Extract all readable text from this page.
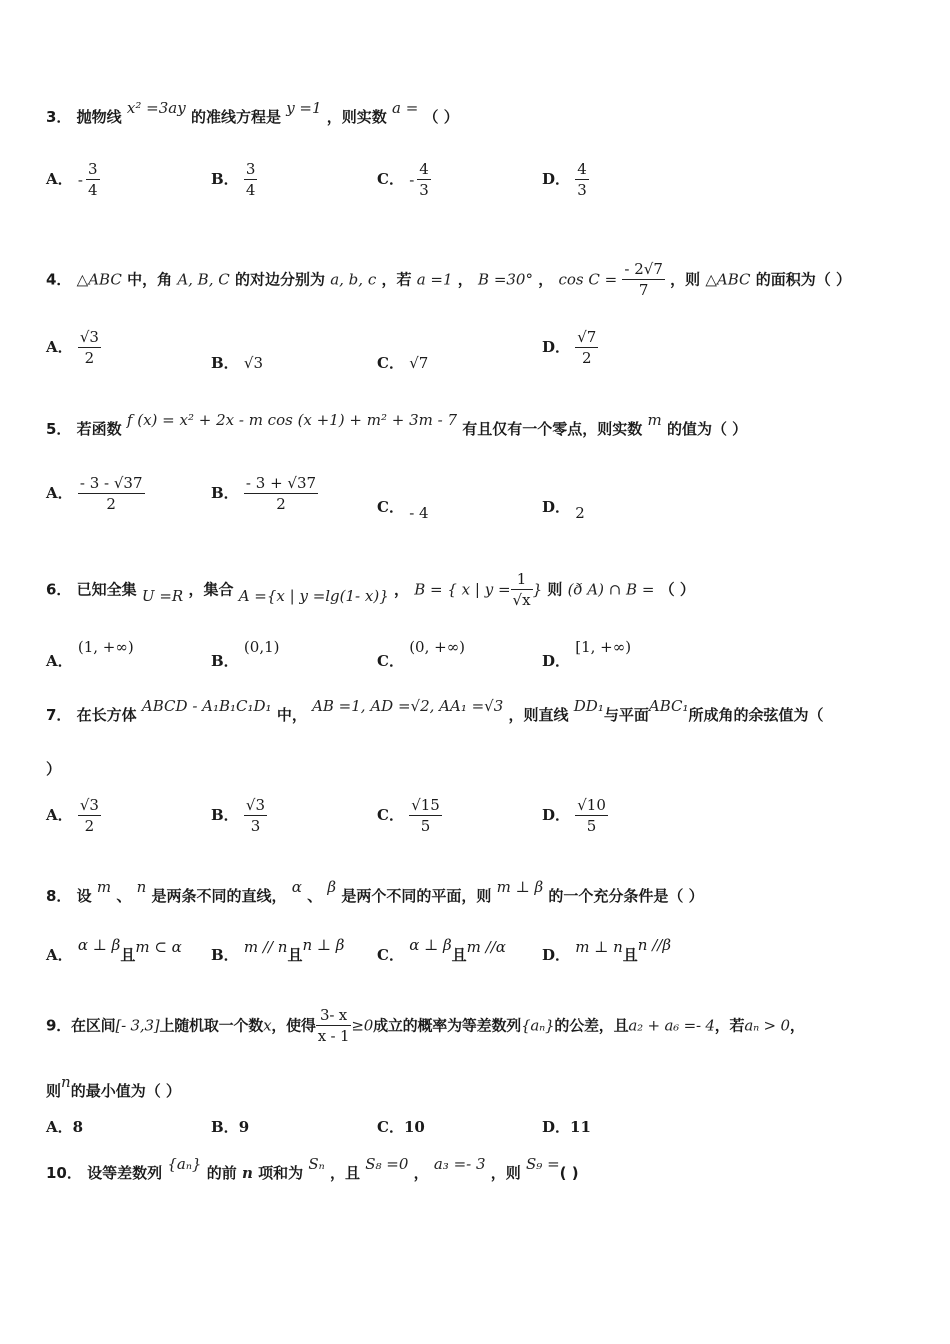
3． 抛物线 x² =3ay 的准线方程是 y =1 ，则实数 a = （ ）
A． - $\frac{3}{4}$	B． $\frac{3}{4}$	C． - $\frac{4}{3}$	D． $\frac{4}{3}$
4． △ABC 中，角 A, B, C 的对边分别为 a, b, c ，若 a =1 ， B =30° ， $\cos C = \frac{- 2√7}{7}$ ，则 △ABC 的面积为（ ）
A． $\frac{√3}{2}$	B． √3	C． √7
D． $\frac{√7}{2}$
5． 若函数 f (x) = x² + 2x - m cos (x +1) + m² + 3m - 7 有且仅有一个零点，则实数 m 的值为（ ）
A． $\frac{- 3 - √37}{2}$	B． $\frac{- 3 + √37}{2}$	C． - 4	D． 2
6． 已知全集 U =R ，集合 A ={x | y =lg(1- x)} ， B = { x | $y = \frac{1}{√x}$ } 则 (ð A) ∩ B = （ ）
A． (1, +∞)
B． (0,1)
C． (0, +∞)
D． [1, +∞)
7． 在长方体 ABCD - A₁B₁C₁D₁ 中， AB =1, AD =√2, AA₁ =√3 ，则直线 DD₁与平面ABC₁所成角的余弦值为（
）
A． $\frac{√3}{2}$	B． $\frac{√3}{3}$	C． $\frac{√15}{5}$	D． $\frac{√10}{5}$
8． 设 m 、 n 是两条不同的直线， α 、 β 是两个不同的平面，则 m ⊥ β 的一个充分条件是（ ）
A． α ⊥ β且m ⊂ α B． m // n且n ⊥ β
C． α ⊥ β且m //α D． m ⊥ n且n //β
9．在区间[- 3,3]上随机取一个数x，使得 $\frac{3- x}{x - 1} \ge 0$成立的概率为等差数列{aₙ}的公差，且a₂ + a₆ =- 4，若aₙ > 0，
则n的最小值为（ ）
A．8	B．9	C．10	D．11
10． 设等差数列 {aₙ} 的前 n 项和为 Sₙ ，且 S₈ =0 ， a₃ =- 3 ，则 S₉ =( )
